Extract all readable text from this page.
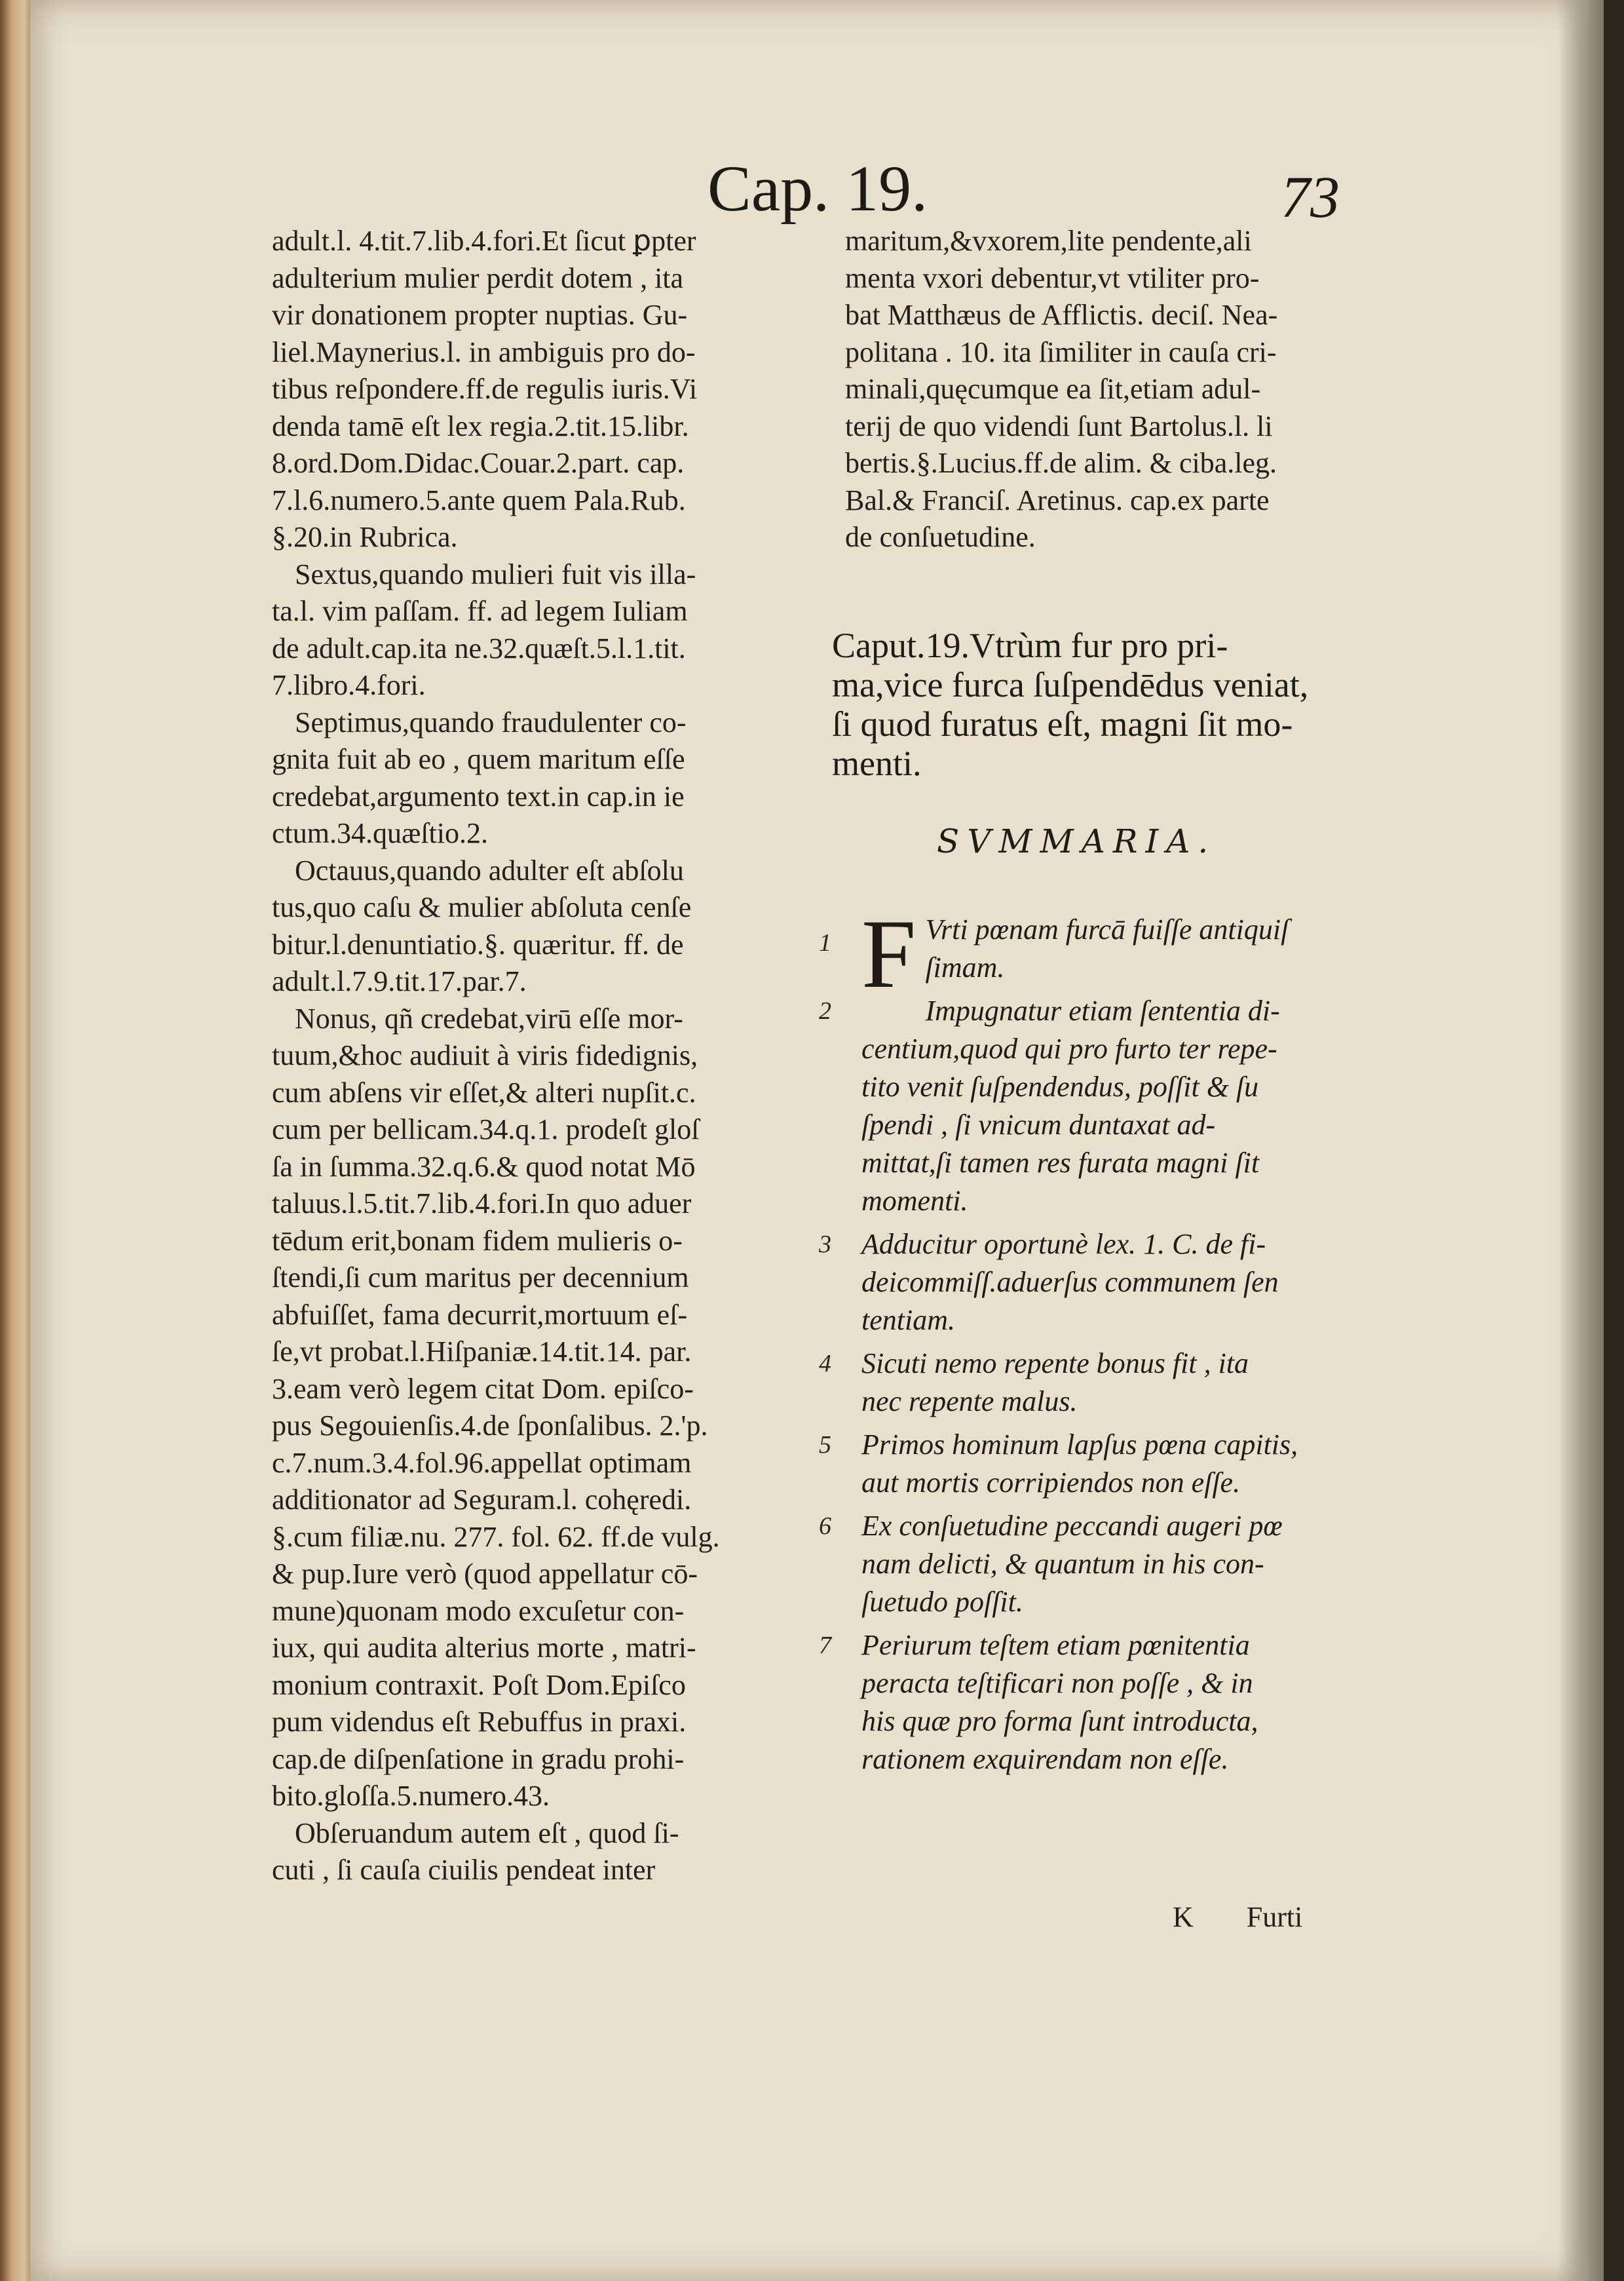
Cap. 19.	73
adult.l. 4.tit.7.lib.4.fori.Et ſicut ꝑpter
adulterium mulier perdit dotem , ita
vir donationem propter nuptias. Gu-
liel.Maynerius.l. in ambiguis pro do-
tibus reſpondere.ff.de regulis iuris.Vi
denda tamē eſt lex regia.2.tit.15.libr.
8.ord.Dom.Didac.Couar.2.part. cap.
7.l.6.numero.5.ante quem Pala.Rub.
§.20.in Rubrica.
Sextus,quando mulieri fuit vis illa-
ta.l. vim paſſam. ff. ad legem Iuliam
de adult.cap.ita ne.32.quæſt.5.l.1.tit.
7.libro.4.fori.
Septimus,quando fraudulenter co-
gnita fuit ab eo , quem maritum eſſe
credebat,argumento text.in cap.in ie
ctum.34.quæſtio.2.
Octauus,quando adulter eſt abſolu
tus,quo caſu & mulier abſoluta cenſe
bitur.l.denuntiatio.§. quæritur. ff. de
adult.l.7.9.tit.17.par.7.
Nonus, qñ credebat,virū eſſe mor-
tuum,&hoc audiuit à viris fidedignis,
cum abſens vir eſſet,& alteri nupſit.c.
cum per bellicam.34.q.1. prodeſt gloſ
ſa in ſumma.32.q.6.& quod notat Mō
taluus.l.5.tit.7.lib.4.fori.In quo aduer
tēdum erit,bonam fidem mulieris o-
ſtendi,ſi cum maritus per decennium
abfuiſſet, fama decurrit,mortuum eſ-
ſe,vt probat.l.Hiſpaniæ.14.tit.14. par.
3.eam verò legem citat Dom. epiſco-
pus Segouienſis.4.de ſponſalibus. 2.'p.
c.7.num.3.4.fol.96.appellat optimam
additionator ad Seguram.l. cohęredi.
§.cum filiæ.nu. 277. fol. 62. ff.de vulg.
& pup.Iure verò (quod appellatur cō-
mune)quonam modo excuſetur con-
iux, qui audita alterius morte , matri-
monium contraxit. Poſt Dom.Epiſco
pum videndus eſt Rebuffus in praxi.
cap.de diſpenſatione in gradu prohi-
bito.gloſſa.5.numero.43.
Obſeruandum autem eſt , quod ſi-
cuti , ſi cauſa ciuilis pendeat inter
maritum,&vxorem,lite pendente,ali
menta vxori debentur,vt vtiliter pro-
bat Matthæus de Afflictis. deciſ. Nea-
politana . 10. ita ſimiliter in cauſa cri-
minali,quęcumque ea ſit,etiam adul-
terij de quo videndi ſunt Bartolus.l. li
bertis.§.Lucius.ff.de alim. & ciba.leg.
Bal.& Franciſ. Aretinus. cap.ex parte
de conſuetudine.
Caput.19.Vtrùm fur pro pri-
ma,vice furca ſuſpendēdus veniat,
ſi quod furatus eſt, magni ſit mo-
menti.
SVMMARIA.
1 F Vrti pœnam furcā fuiſſe antiquiſ
ſimam.
2	Impugnatur etiam ſententia di-
centium,quod qui pro furto ter repe-
tito venit ſuſpendendus, poſſit & ſu
ſpendi , ſi vnicum duntaxat ad-
mittat,ſi tamen res furata magni ſit
momenti.
3	Adducitur oportunè lex. 1. C. de fi-
deicommiſſ.aduerſus communem ſen
tentiam.
4	Sicuti nemo repente bonus fit , ita
nec repente malus.
5	Primos hominum lapſus pœna capitis,
aut mortis corripiendos non eſſe.
6	Ex conſuetudine peccandi augeri pœ
nam delicti, & quantum in his con-
ſuetudo poſſit.
7	Periurum teſtem etiam pœnitentia
peracta teſtificari non poſſe , & in
his quæ pro forma ſunt introducta,
rationem exquirendam non eſſe.
K Furti
